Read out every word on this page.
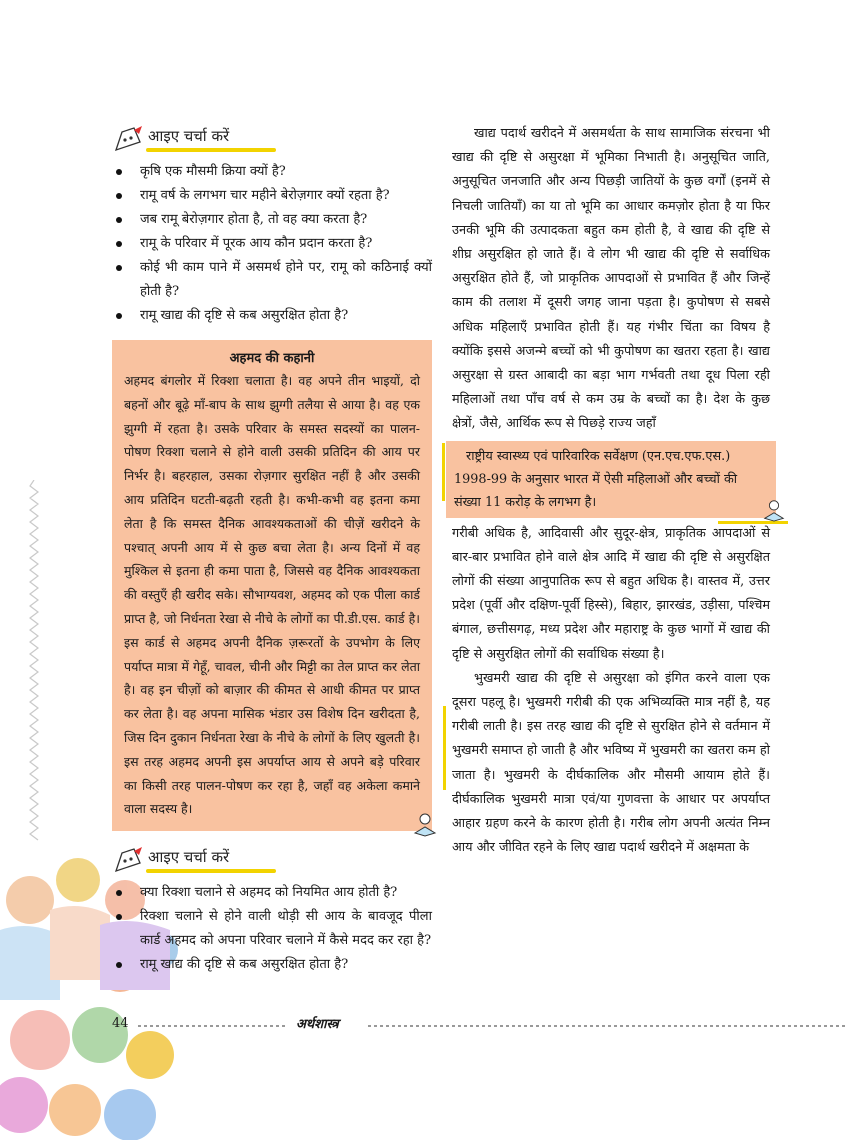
आइए चर्चा करें
कृषि एक मौसमी क्रिया क्यों है?
रामू वर्ष के लगभग चार महीने बेरोज़गार क्यों रहता है?
जब रामू बेरोज़गार होता है, तो वह क्या करता है?
रामू के परिवार में पूरक आय कौन प्रदान करता है?
कोई भी काम पाने में असमर्थ होने पर, रामू को कठिनाई क्यों होती है?
रामू खाद्य की दृष्टि से कब असुरक्षित होता है?
अहमद की कहानी
अहमद बंगलोर में रिक्शा चलाता है। वह अपने तीन भाइयों, दो बहनों और बूढ़े माँ-बाप के साथ झुग्गी तलैया से आया है। वह एक झुग्गी में रहता है। उसके परिवार के समस्त सदस्यों का पालन-पोषण रिक्शा चलाने से होने वाली उसकी प्रतिदिन की आय पर निर्भर है। बहरहाल, उसका रोज़गार सुरक्षित नहीं है और उसकी आय प्रतिदिन घटती-बढ़ती रहती है। कभी-कभी वह इतना कमा लेता है कि समस्त दैनिक आवश्यकताओं की चीज़ें खरीदने के पश्चात् अपनी आय में से कुछ बचा लेता है। अन्य दिनों में वह मुश्किल से इतना ही कमा पाता है, जिससे वह दैनिक आवश्यकता की वस्तुएँ ही खरीद सके। सौभाग्यवश, अहमद को एक पीला कार्ड प्राप्त है, जो निर्धनता रेखा से नीचे के लोगों का पी.डी.एस. कार्ड है। इस कार्ड से अहमद अपनी दैनिक ज़रूरतों के उपभोग के लिए पर्याप्त मात्रा में गेहूँ, चावल, चीनी और मिट्टी का तेल प्राप्त कर लेता है। वह इन चीज़ों को बाज़ार की कीमत से आधी कीमत पर प्राप्त कर लेता है। वह अपना मासिक भंडार उस विशेष दिन खरीदता है, जिस दिन दुकान निर्धनता रेखा के नीचे के लोगों के लिए खुलती है। इस तरह अहमद अपनी इस अपर्याप्त आय से अपने बड़े परिवार का किसी तरह पालन-पोषण कर रहा है, जहाँ वह अकेला कमाने वाला सदस्य है।
आइए चर्चा करें
क्या रिक्शा चलाने से अहमद को नियमित आय होती है?
रिक्शा चलाने से होने वाली थोड़ी सी आय के बावजूद पीला कार्ड अहमद को अपना परिवार चलाने में कैसे मदद कर रहा है?
रामू खाद्य की दृष्टि से कब असुरक्षित होता है?

खाद्य पदार्थ खरीदने में असमर्थता के साथ सामाजिक संरचना भी खाद्य की दृष्टि से असुरक्षा में भूमिका निभाती है। अनुसूचित जाति, अनुसूचित जनजाति और अन्य पिछड़ी जातियों के कुछ वर्गों (इनमें से निचली जातियाँ) का या तो भूमि का आधार कमज़ोर होता है या फिर उनकी भूमि की उत्पादकता बहुत कम होती है, वे खाद्य की दृष्टि से शीघ्र असुरक्षित हो जाते हैं। वे लोग भी खाद्य की दृष्टि से सर्वाधिक असुरक्षित होते हैं, जो प्राकृतिक आपदाओं से प्रभावित हैं और जिन्हें काम की तलाश में दूसरी जगह जाना पड़ता है। कुपोषण से सबसे अधिक महिलाएँ प्रभावित होती हैं। यह गंभीर चिंता का विषय है क्योंकि इससे अजन्मे बच्चों को भी कुपोषण का खतरा रहता है। खाद्य असुरक्षा से ग्रस्त आबादी का बड़ा भाग गर्भवती तथा दूध पिला रही महिलाओं तथा पाँच वर्ष से कम उम्र के बच्चों का है। देश के कुछ क्षेत्रों, जैसे, आर्थिक रूप से पिछड़े राज्य जहाँ

राष्ट्रीय स्वास्थ्य एवं पारिवारिक सर्वेक्षण (एन.एच.एफ.एस.) 1998-99 के अनुसार भारत में ऐसी महिलाओं और बच्चों की संख्या 11 करोड़ के लगभग है।

गरीबी अधिक है, आदिवासी और सुदूर-क्षेत्र, प्राकृतिक आपदाओं से बार-बार प्रभावित होने वाले क्षेत्र आदि में खाद्य की दृष्टि से असुरक्षित लोगों की संख्या आनुपातिक रूप से बहुत अधिक है। वास्तव में, उत्तर प्रदेश (पूर्वी और दक्षिण-पूर्वी हिस्से), बिहार, झारखंड, उड़ीसा, पश्चिम बंगाल, छत्तीसगढ़, मध्य प्रदेश और महाराष्ट्र के कुछ भागों में खाद्य की दृष्टि से असुरक्षित लोगों की सर्वाधिक संख्या है।

भुखमरी खाद्य की दृष्टि से असुरक्षा को इंगित करने वाला एक दूसरा पहलू है। भुखमरी गरीबी की एक अभिव्यक्ति मात्र नहीं है, यह गरीबी लाती है। इस तरह खाद्य की दृष्टि से सुरक्षित होने से वर्तमान में भुखमरी समाप्त हो जाती है और भविष्य में भुखमरी का खतरा कम हो जाता है। भुखमरी के दीर्घकालिक और मौसमी आयाम होते हैं। दीर्घकालिक भुखमरी मात्रा एवं/या गुणवत्ता के आधार पर अपर्याप्त आहार ग्रहण करने के कारण होती है। गरीब लोग अपनी अत्यंत निम्न आय और जीवित रहने के लिए खाद्य पदार्थ खरीदने में अक्षमता के

44	अर्थशास्त्र
